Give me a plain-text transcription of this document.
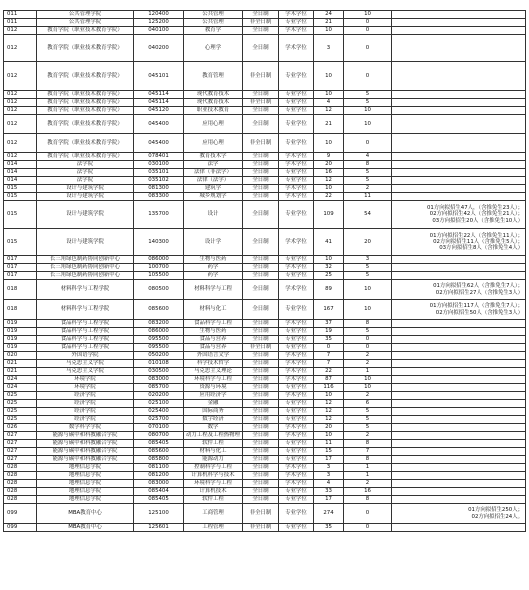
011	公共管理学院	120400	公共管理	全日制	学术学位	24	10	
011	公共管理学院	125200	公共管理	非全日制	专业学位	21	0	
012	教育学院（职业技术教育学院）	040100	教育学	全日制	学术学位	10	0	
012	教育学院（职业技术教育学院）	040200	心理学	全日制	学术学位	3	0	
012	教育学院（职业技术教育学院）	045101	教育管理	非全日制	专业学位	10	0	
012	教育学院（职业技术教育学院）	045114	现代教育技术	全日制	专业学位	10	5	
012	教育学院（职业技术教育学院）	045114	现代教育技术	非全日制	专业学位	4	5	
012	教育学院（职业技术教育学院）	045120	职业技术教育	全日制	专业学位	12	10	
012	教育学院（职业技术教育学院）	045400	应用心理	全日制	专业学位	21	10	
012	教育学院（职业技术教育学院）	045400	应用心理	非全日制	专业学位	10	0	
012	教育学院（职业技术教育学院）	078401	教育技术学	全日制	学术学位	9	4	
014	法学院	030100	法学	全日制	学术学位	20	8	
014	法学院	035101	法律（非法学）	全日制	专业学位	16	5	
014	法学院	035102	法律（法学）	全日制	专业学位	12	5	
015	设计与建筑学院	081300	建筑学	全日制	学术学位	10	2	
015	设计与建筑学院	083300	城乡规划学	全日制	学术学位	22	11	
015	设计与建筑学院	135700	设计	全日制	专业学位	109	54	01方向拟招生47人，（含推免生23人）；
02方向拟招生42人（含推免生21人）；
03方向拟招生20人（含推免生10人）
015	设计与建筑学院	140300	设计学	全日制	学术学位	41	20	01方向拟招生22人（含推免生11人）；
02方向拟招生11人（含推免生5人）；
03方向拟招生8人（含推免生4人）
017	长三角绿色制药协同创新中心	086000	生物与医药	全日制	专业学位	10	3	
017	长三角绿色制药协同创新中心	100700	药学	全日制	学术学位	32	5	
017	长三角绿色制药协同创新中心	105500	药学	全日制	专业学位	25	5	
018	材料科学与工程学院	080500	材料科学与工程	全日制	学术学位	89	10	01方向拟招生62人（含推免生7人）；
02方向拟招生27人（含推免生3人）
018	材料科学与工程学院	085600	材料与化工	全日制	专业学位	167	10	01方向拟招生117人（含推免生7人）；
02方向拟招生50人（含推免生3人）
019	食品科学与工程学院	083200	食品科学与工程	全日制	学术学位	37	8	
019	食品科学与工程学院	086000	生物与医药	全日制	专业学位	19	5	
019	食品科学与工程学院	095500	食品与营养	全日制	专业学位	35	0	
019	食品科学与工程学院	095500	食品与营养	非全日制	专业学位	0	0	
020	外国语学院	050200	外国语言文学	全日制	学术学位	7	2	
021	马克思主义学院	010108	科学技术哲学	全日制	学术学位	7	2	
021	马克思主义学院	030500	马克思主义理论	全日制	学术学位	22	1	
024	环境学院	083000	环境科学与工程	全日制	学术学位	87	10	
024	环境学院	085700	资源与环境	全日制	专业学位	116	10	
025	经济学院	020200	应用经济学	全日制	学术学位	10	2	
025	经济学院	025100	金融	全日制	专业学位	12	6	
025	经济学院	025400	国际商务	全日制	专业学位	12	5	
025	经济学院	025700	数字经济	全日制	专业学位	12	5	
026	数学科学学院	070100	数学	全日制	学术学位	20	5	
027	能源与碳中和科教融合学院	080700	动力工程及工程热物理	全日制	学术学位	10	2	
027	能源与碳中和科教融合学院	085405	软件工程	全日制	专业学位	11	8	
027	能源与碳中和科教融合学院	085600	材料与化工	全日制	专业学位	15	7	
027	能源与碳中和科教融合学院	085800	能源动力	全日制	专业学位	17	8	
028	地理信息学院	081100	控制科学与工程	全日制	学术学位	3	1	
028	地理信息学院	081200	计算机科学与技术	全日制	学术学位	3	1	
028	地理信息学院	083000	环境科学与工程	全日制	学术学位	4	2	
028	地理信息学院	085404	计算机技术	全日制	专业学位	33	16	
028	地理信息学院	085405	软件工程	全日制	专业学位	17	8	
099	MBA教育中心	125100	工商管理	非全日制	专业学位	274	0	01方向拟招生250人；
02方向拟招生24人。
099	MBA教育中心	125601	工程管理	非全日制	专业学位	35	0	
